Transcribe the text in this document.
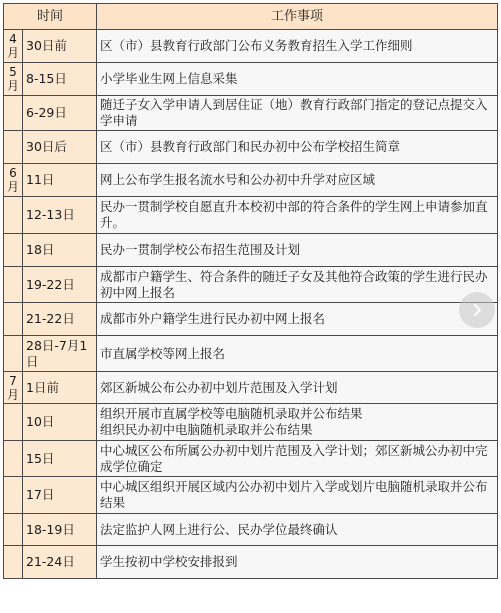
时间		工作事项

4
月	30日前	区（市）县教育行政部门公布义务教育招生入学工作细则

5
月	8-15日	小学毕业生网上信息采集
	6-29日	随迁子女入学申请人到居住证（地）教育行政部门指定的登记点提交入学申请
	30日后	区（市）县教育行政部门和民办初中公布学校招生简章

6
月	11日	网上公布学生报名流水号和公办初中升学对应区域
	12-13日	民办一贯制学校自愿直升本校初中部的符合条件的学生网上申请参加直升。
	18日	民办一贯制学校公布招生范围及计划
	19-22日	成都市户籍学生、符合条件的随迁子女及其他符合政策的学生进行民办初中网上报名
	21-22日	成都市外户籍学生进行民办初中网上报名
	28日-7月1日	市直属学校等网上报名

7
月	1日前	郊区新城公布公办初中划片范围及入学计划
	10日	组织开展市直属学校等电脑随机录取并公布结果
组织民办初中电脑随机录取并公布结果
	15日	中心城区公布所属公办初中划片范围及入学计划；郊区新城公办初中完成学位确定
	17日	中心城区组织开展区域内公办初中划片入学或划片电脑随机录取并公布结果
	18-19日	法定监护人网上进行公、民办学位最终确认
	21-24日	学生按初中学校安排报到
